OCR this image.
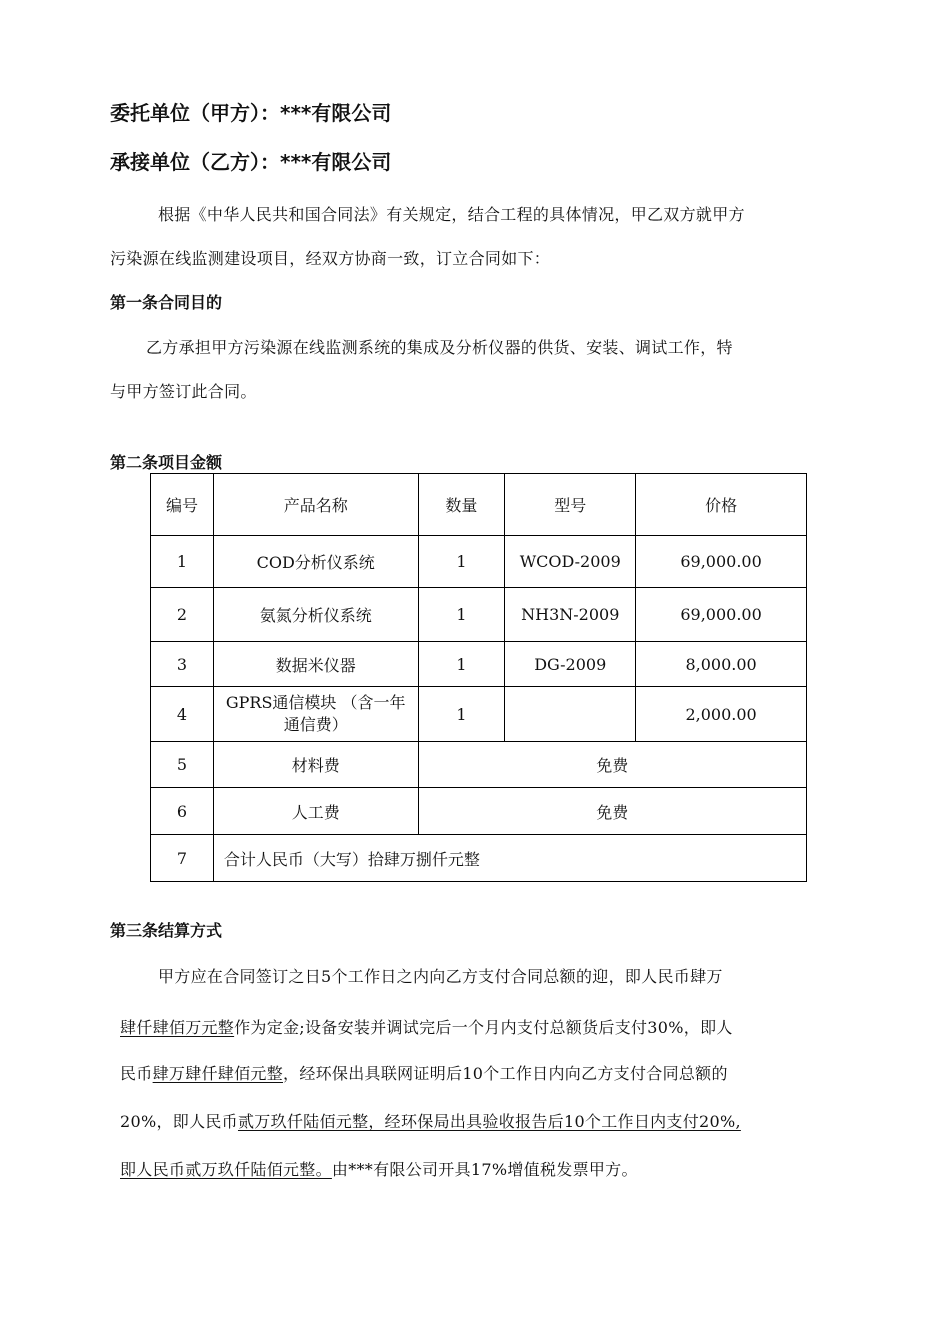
委托单位（甲方）：***有限公司
承接单位（乙方）：***有限公司
根据《中华人民共和国合同法》有关规定，结合工程的具体情况，甲乙双方就甲方
污染源在线监测建设项目，经双方协商一致，订立合同如下：
第一条合同目的
乙方承担甲方污染源在线监测系统的集成及分析仪器的供货、安装、调试工作，特
与甲方签订此合同。
第二条项目金额
编号	产品名称	数量	型号	价格
1	COD分析仪系统	1	WCOD-2009	69,000.00
2	氨氮分析仪系统	1	NH3N-2009	69,000.00
3	数据米仪器	1	DG-2009	8,000.00
4	GPRS通信模块 （含一年通信费）	1		2,000.00
5	材料费	免费		
6	人工费	免费		
7	合计人民币（大写）拾肆万捌仟元整			
第三条结算方式
甲方应在合同签订之日5个工作日之内向乙方支付合同总额的迎，即人民币肆万
肆仟肆佰万元整作为定金;设备安装并调试完后一个月内支付总额货后支付30%，即人
民币肆万肆仟肆佰元整，经环保出具联网证明后10个工作日内向乙方支付合同总额的
20%，即人民币贰万玖仟陆佰元整，经环保局出具验收报告后10个工作日内支付20%,
即人民币贰万玖仟陆佰元整。由***有限公司开具17%增值税发票甲方。
